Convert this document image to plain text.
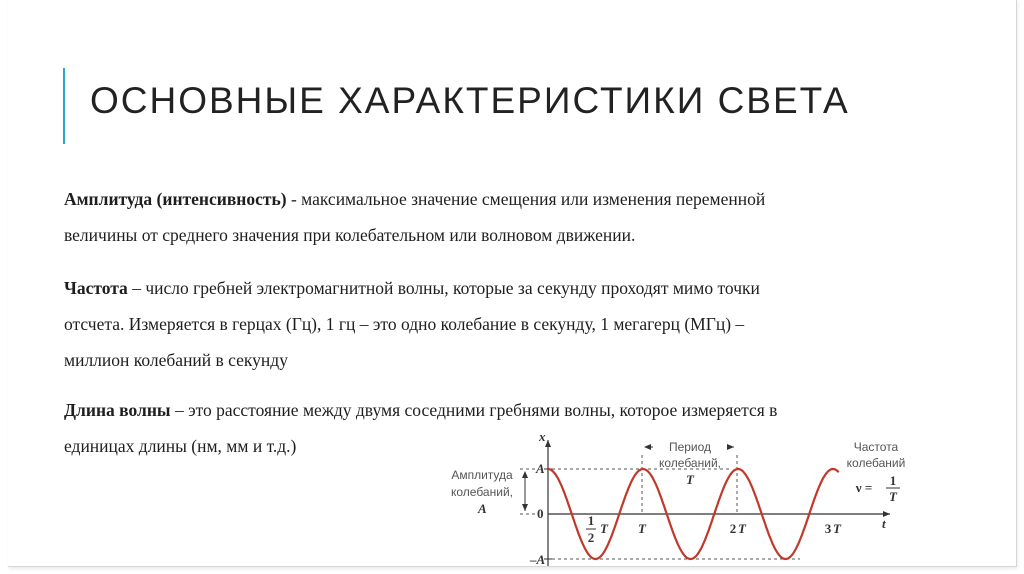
ОСНОВНЫЕ ХАРАКТЕРИСТИКИ СВЕТА

Амплитуда (интенсивность) - максимальное значение смещения или изменения переменной
величины от среднего значения при колебательном или волновом движении.

Частота – число гребней электромагнитной волны, которые за секунду проходят мимо точки
отсчета. Измеряется в герцах (Гц), 1 гц – это одно колебание в секунду, 1 мегагерц (МГц) –
миллион колебаний в секунду

Длина волны – это расстояние между двумя соседними гребнями волны, которое измеряется в
единицах длины (нм, мм и т.д.)	x
t
A
0
–A
Амплитуда
колебаний,
A
Период
колебаний,
T
Частота
колебаний
ν = 1
T
1
2
T T	2 T	3 T
